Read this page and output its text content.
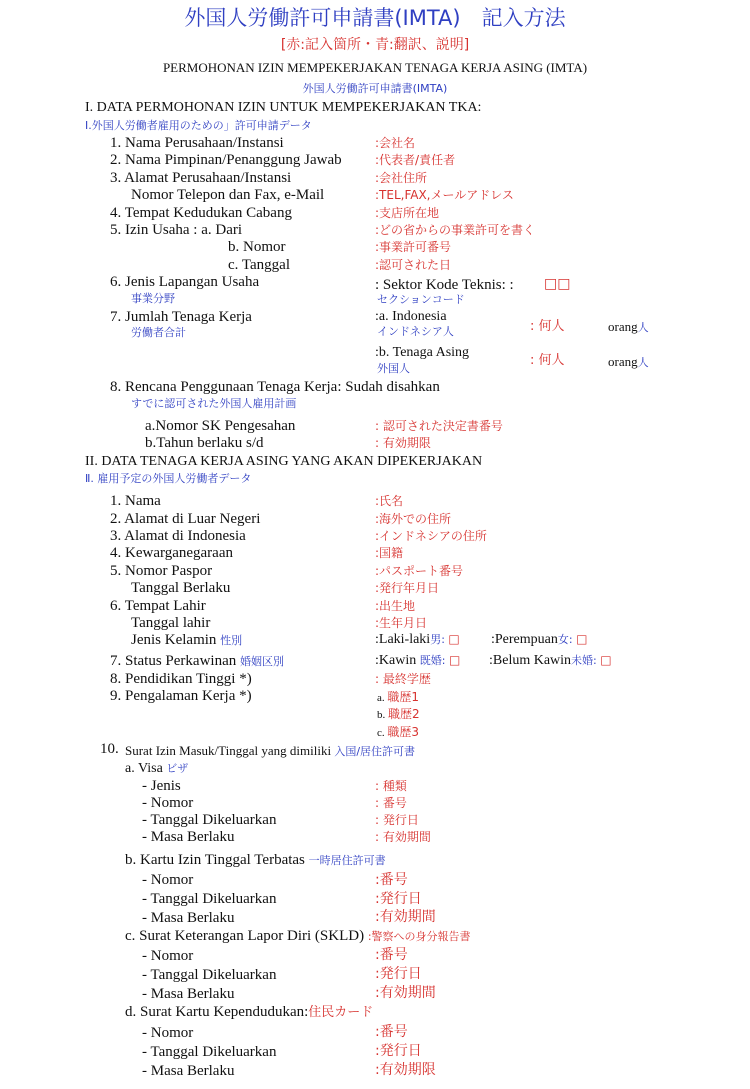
外国人労働許可申請書(IMTA)　記入方法
[赤:記入箇所・青:翻訳、説明]
PERMOHONAN IZIN MEMPEKERJAKAN TENAGA KERJA ASING (IMTA)
外国人労働許可申請書(IMTA)
I. DATA PERMOHONAN IZIN UNTUK MEMPEKERJAKAN TKA:
Ⅰ.外国人労働者雇用のための」許可申請データ
1. Nama Perusahaan/Instansi	:会社名
2. Nama Pimpinan/Penanggung Jawab	:代表者/責任者
3. Alamat Perusahaan/Instansi	:会社住所
Nomor Telepon dan Fax, e-Mail	:TEL,FAX,メールアドレス
4. Tempat Kedudukan Cabang	:支店所在地
5. Izin Usaha : a. Dari	:どの省からの事業許可を書く
b. Nomor	:事業許可番号
c. Tanggal	:認可された日
6. Jenis Lapangan Usaha
事業分野
: Sektor Kode Teknis: : □□
セクションコード
7. Jumlah Tenaga Kerja
労働者合計
:a. Indonesia
インドネシア人	: 何人	orang人
:b. Tenaga Asing
外国人
: 何人	orang人
8. Rencana Penggunaan Tenaga Kerja: Sudah disahkan
すでに認可された外国人雇用計画
a.Nomor SK Pengesahan	: 認可された決定書番号
b.Tahun berlaku s/d	: 有効期限
II. DATA TENAGA KERJA ASING YANG AKAN DIPEKERJAKAN
Ⅱ. 雇用予定の外国人労働者データ
1. Nama	:氏名
2. Alamat di Luar Negeri	:海外での住所
3. Alamat di Indonesia	:インドネシアの住所
4. Kewarganegaraan	:国籍
5. Nomor Paspor	:パスポート番号
Tanggal Berlaku	:発行年月日
6. Tempat Lahir	:出生地
Tanggal lahir	:生年月日
Jenis Kelamin 性別	:Laki-laki男: □ :Perempuan女: □
7. Status Perkawinan 婚姻区別	:Kawin 既婚: □ :Belum Kawin未婚: □
8. Pendidikan Tinggi *)	: 最終学歴
9. Pengalaman Kerja *)	a. 職歴1
b. 職歴2
c. 職歴3
10. Surat Izin Masuk/Tinggal yang dimiliki 入国/居住許可書
a. Visa ビザ
- Jenis	: 種類
- Nomor	: 番号
- Tanggal Dikeluarkan	: 発行日
- Masa Berlaku	: 有効期間
b. Kartu Izin Tinggal Terbatas 一時居住許可書
- Nomor	:番号
- Tanggal Dikeluarkan	:発行日
- Masa Berlaku	:有効期間
c. Surat Keterangan Lapor Diri (SKLD) :警察への身分報告書
- Nomor	:番号
- Tanggal Dikeluarkan	:発行日
- Masa Berlaku	:有効期間
d. Surat Kartu Kependudukan:住民カード
- Nomor	:番号
- Tanggal Dikeluarkan	:発行日
- Masa Berlaku	:有効期限
